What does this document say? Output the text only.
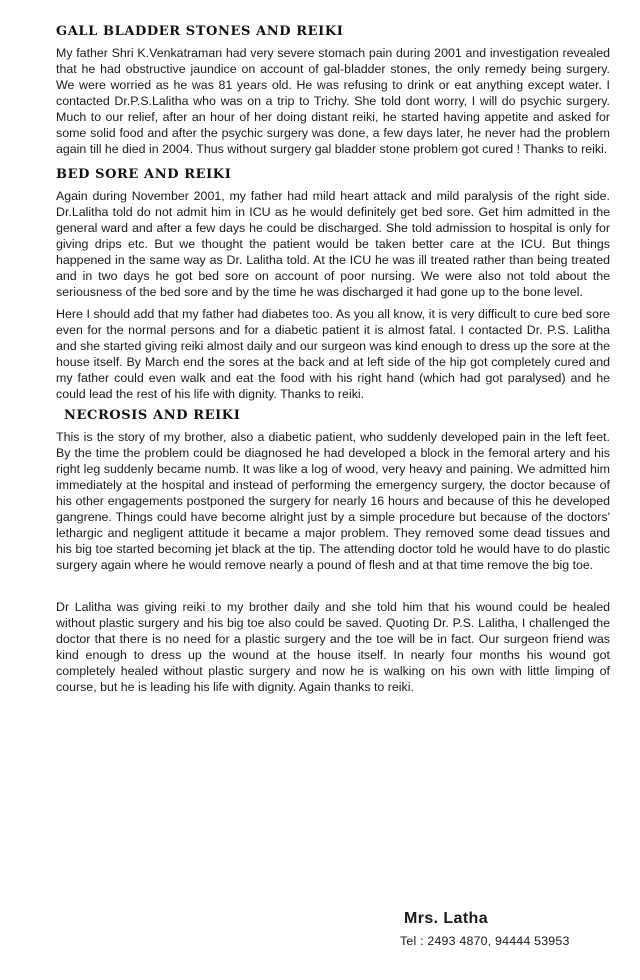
GALL BLADDER STONES AND REIKI

My father Shri K.Venkatraman had very severe stomach pain during 2001 and investigation revealed that he had obstructive jaundice on account of gal-bladder stones, the only remedy being surgery. We were worried as he was 81 years old. He was refusing to drink or eat anything except water. I contacted Dr.P.S.Lalitha who was on a trip to Trichy. She told dont worry, I will do psychic surgery. Much to our relief, after an hour of her doing distant reiki, he started having appetite and asked for some solid food and after the psychic surgery was done, a few days later, he never had the problem again till he died in 2004. Thus without surgery gal bladder stone problem got cured ! Thanks to reiki.

BED SORE AND REIKI

Again during November 2001, my father had mild heart attack and mild paralysis of the right side. Dr.Lalitha told do not admit him in ICU as he would definitely get bed sore. Get him admitted in the general ward and after a few days he could be discharged. She told admission to hospital is only for giving drips etc. But we thought the patient would be taken better care at the ICU. But things happened in the same way as Dr. Lalitha told. At the ICU he was ill treated rather than being treated and in two days he got bed sore on account of poor nursing. We were also not told about the seriousness of the bed sore and by the time he was discharged it had gone up to the bone level.

Here I should add that my father had diabetes too. As you all know, it is very difficult to cure bed sore even for the normal persons and for a diabetic patient it is almost fatal. I contacted Dr. P.S. Lalitha and she started giving reiki almost daily and our surgeon was kind enough to dress up the sore at the house itself. By March end the sores at the back and at left side of the hip got completely cured and my father could even walk and eat the food with his right hand (which had got paralysed) and he could lead the rest of his life with dignity. Thanks to reiki.

NECROSIS AND REIKI

This is the story of my brother, also a diabetic patient, who suddenly developed pain in the left feet. By the time the problem could be diagnosed he had developed a block in the femoral artery and his right leg suddenly became numb. It was like a log of wood, very heavy and paining. We admitted him immediately at the hospital and instead of performing the emergency surgery, the doctor because of his other engagements postponed the surgery for nearly 16 hours and because of this he developed gangrene. Things could have become alright just by a simple procedure but because of the doctors' lethargic and negligent attitude it became a major problem. They removed some dead tissues and his big toe started becoming jet black at the tip. The attending doctor told he would have to do plastic surgery again where he would remove nearly a pound of flesh and at that time remove the big toe.

Dr Lalitha was giving reiki to my brother daily and she told him that his wound could be healed without plastic surgery and his big toe also could be saved. Quoting Dr. P.S. Lalitha, I challenged the doctor that there is no need for a plastic surgery and the toe will be in fact. Our surgeon friend was kind enough to dress up the wound at the house itself. In nearly four months his wound got completely healed without plastic surgery and now he is walking on his own with little limping of course, but he is leading his life with dignity. Again thanks to reiki.

Mrs. Latha
Tel : 2493 4870, 94444 53953
